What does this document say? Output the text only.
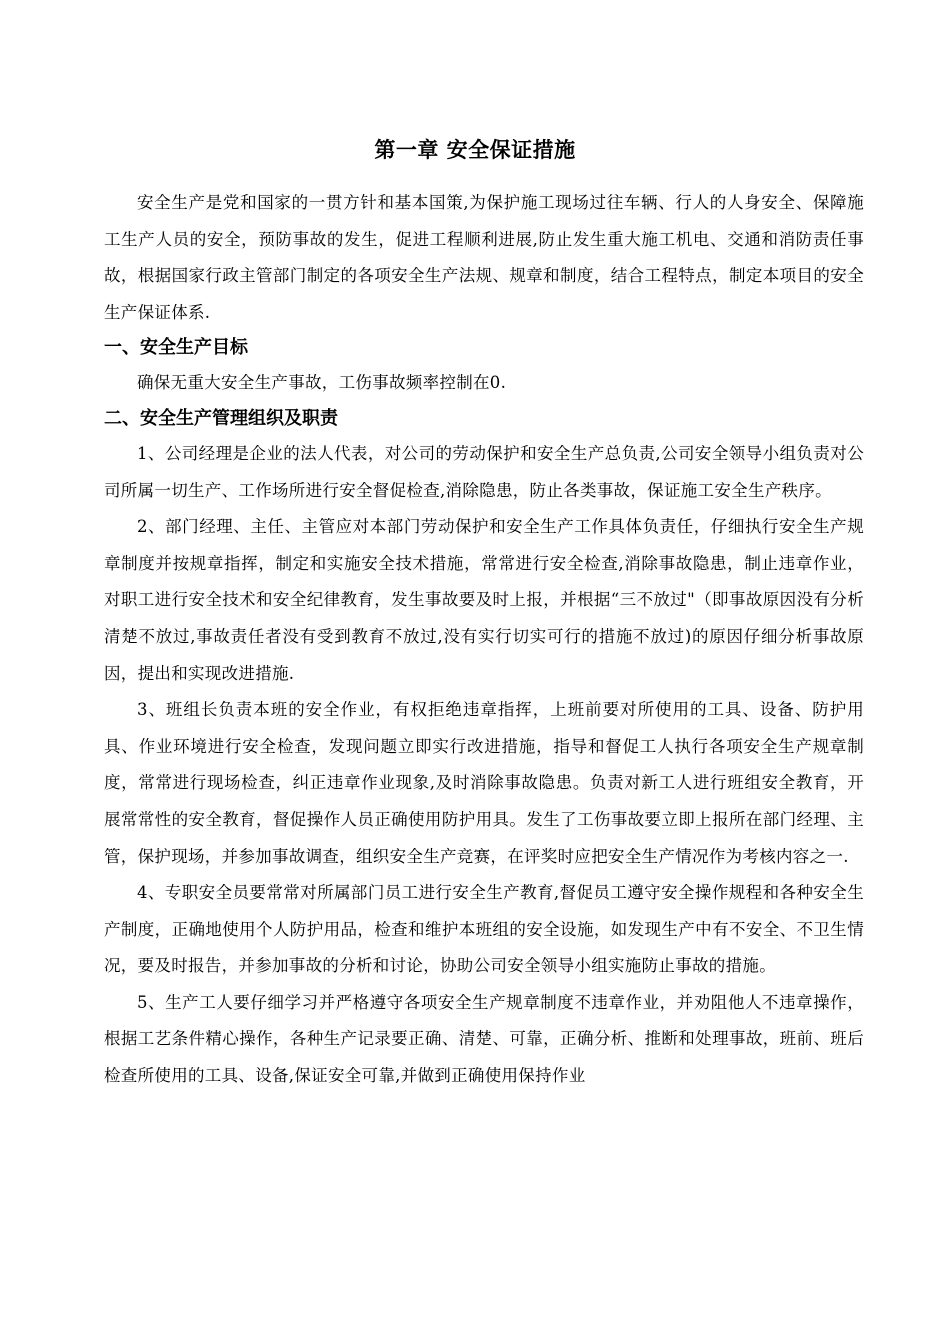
第一章 安全保证措施

安全生产是党和国家的一贯方针和基本国策,为保护施工现场过往车辆、行人的人身安全、保障施工生产人员的安全，预防事故的发生，促进工程顺利进展,防止发生重大施工机电、交通和消防责任事故，根据国家行政主管部门制定的各项安全生产法规、规章和制度，结合工程特点，制定本项目的安全生产保证体系.

一、安全生产目标

确保无重大安全生产事故，工伤事故频率控制在0.

二、安全生产管理组织及职责

1、公司经理是企业的法人代表，对公司的劳动保护和安全生产总负责,公司安全领导小组负责对公司所属一切生产、工作场所进行安全督促检查,消除隐患，防止各类事故，保证施工安全生产秩序。

2、部门经理、主任、主管应对本部门劳动保护和安全生产工作具体负责任，仔细执行安全生产规章制度并按规章指挥，制定和实施安全技术措施，常常进行安全检查,消除事故隐患，制止违章作业，对职工进行安全技术和安全纪律教育，发生事故要及时上报，并根据“三不放过"（即事故原因没有分析清楚不放过,事故责任者没有受到教育不放过,没有实行切实可行的措施不放过)的原因仔细分析事故原因，提出和实现改进措施.

3、班组长负责本班的安全作业，有权拒绝违章指挥，上班前要对所使用的工具、设备、防护用具、作业环境进行安全检查，发现问题立即实行改进措施，指导和督促工人执行各项安全生产规章制度，常常进行现场检查，纠正违章作业现象,及时消除事故隐患。负责对新工人进行班组安全教育，开展常常性的安全教育，督促操作人员正确使用防护用具。发生了工伤事故要立即上报所在部门经理、主管，保护现场，并参加事故调查，组织安全生产竞赛，在评奖时应把安全生产情况作为考核内容之一.

4、专职安全员要常常对所属部门员工进行安全生产教育,督促员工遵守安全操作规程和各种安全生产制度，正确地使用个人防护用品，检查和维护本班组的安全设施，如发现生产中有不安全、不卫生情况，要及时报告，并参加事故的分析和讨论，协助公司安全领导小组实施防止事故的措施。

5、生产工人要仔细学习并严格遵守各项安全生产规章制度不违章作业，并劝阻他人不违章操作，根据工艺条件精心操作，各种生产记录要正确、清楚、可靠，正确分析、推断和处理事故，班前、班后检查所使用的工具、设备,保证安全可靠,并做到正确使用保持作业
